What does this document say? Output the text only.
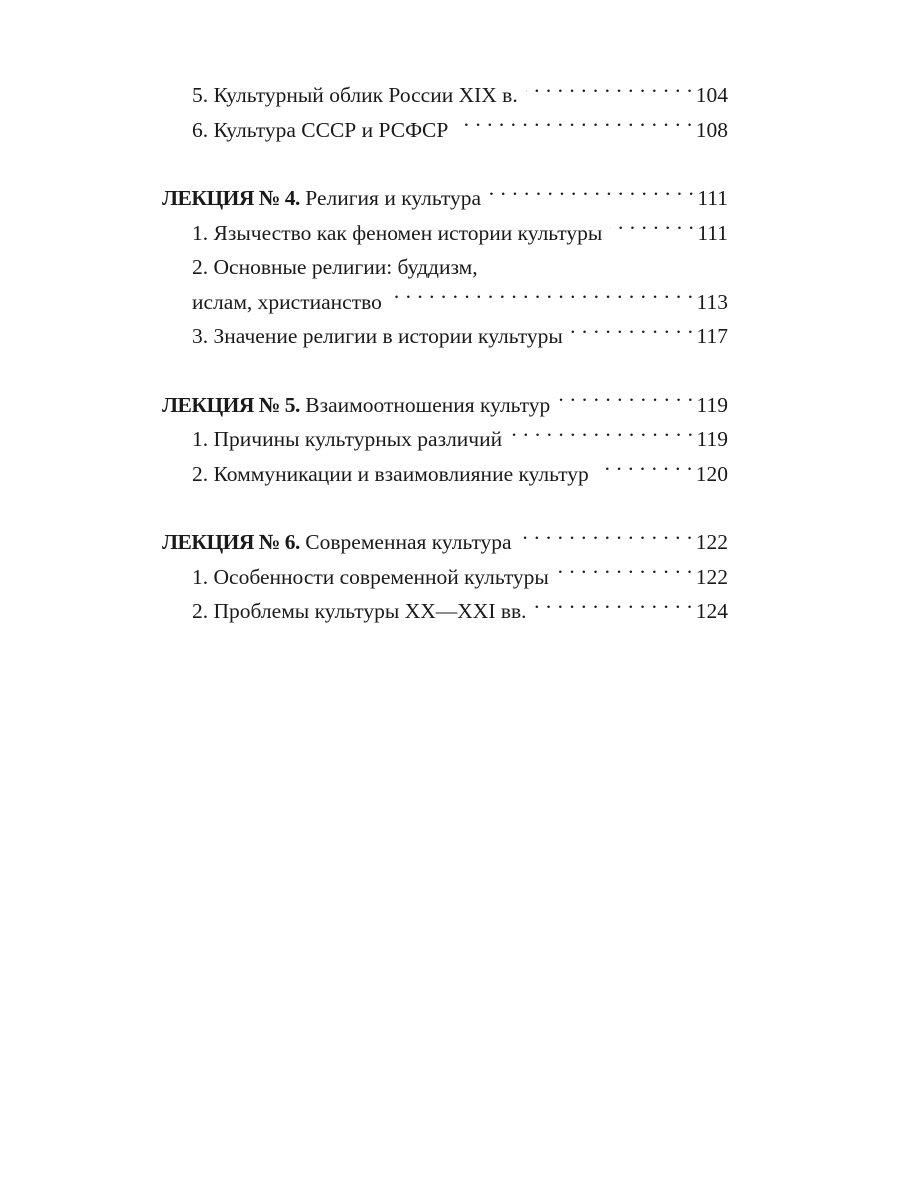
5. Культурный облик России XIX в. . . .	104
6. Культура СССР и РСФСР . . .	108
ЛЕКЦИЯ № 4. Религия и культура . . .	111
1. Язычество как феномен истории культуры . . .	111
2. Основные религии: буддизм,
ислам, христианство . . .	113
3. Значение религии в истории культуры . . .	117
ЛЕКЦИЯ № 5. Взаимоотношения культур . . .	119
1. Причины культурных различий . . .	119
2. Коммуникации и взаимовлияние культур . . .	120
ЛЕКЦИЯ № 6. Современная культура . . .	122
1. Особенности современной культуры . . .	122
2. Проблемы культуры XX—XXI вв. . . .	124
